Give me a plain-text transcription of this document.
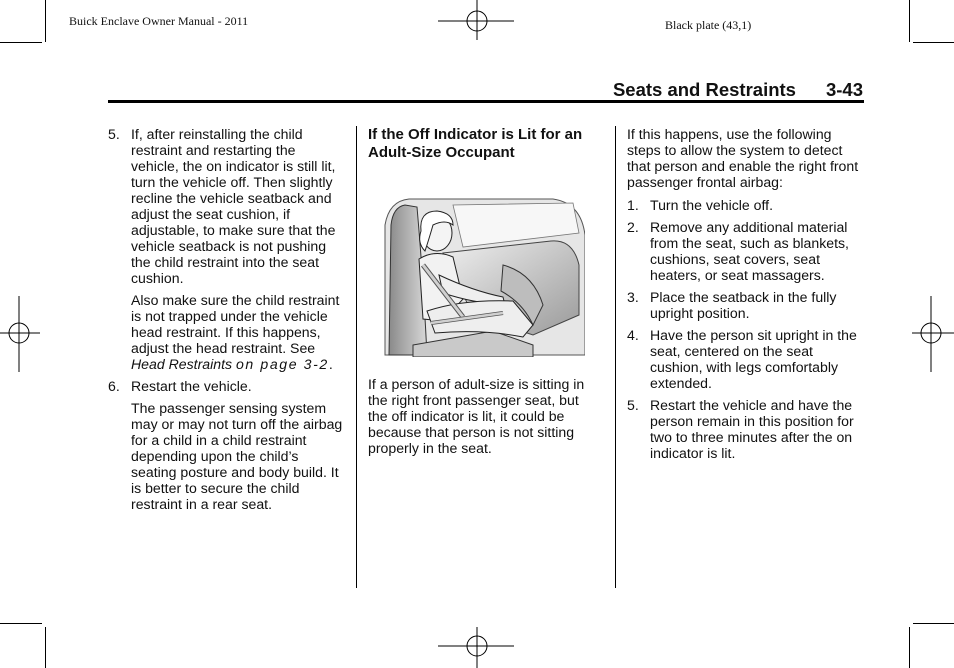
Buick Enclave Owner Manual - 2011	Black plate (43,1)
Seats and Restraints 3-43
5. If, after reinstalling the child restraint and restarting the vehicle, the on indicator is still lit, turn the vehicle off. Then slightly recline the vehicle seatback and adjust the seat cushion, if adjustable, to make sure that the vehicle seatback is not pushing the child restraint into the seat cushion.
Also make sure the child restraint is not trapped under the vehicle head restraint. If this happens, adjust the head restraint. See Head Restraints on page 3-2.
6. Restart the vehicle.
The passenger sensing system may or may not turn off the airbag for a child in a child restraint depending upon the child’s seating posture and body build. It is better to secure the child restraint in a rear seat.
If the Off Indicator is Lit for an Adult-Size Occupant

If a person of adult-size is sitting in the right front passenger seat, but the off indicator is lit, it could be because that person is not sitting properly in the seat.

If this happens, use the following steps to allow the system to detect that person and enable the right front passenger frontal airbag:

1. Turn the vehicle off.
2. Remove any additional material from the seat, such as blankets, cushions, seat covers, seat heaters, or seat massagers.
3. Place the seatback in the fully upright position.
4. Have the person sit upright in the seat, centered on the seat cushion, with legs comfortably extended.
5. Restart the vehicle and have the person remain in this position for two to three minutes after the on indicator is lit.
